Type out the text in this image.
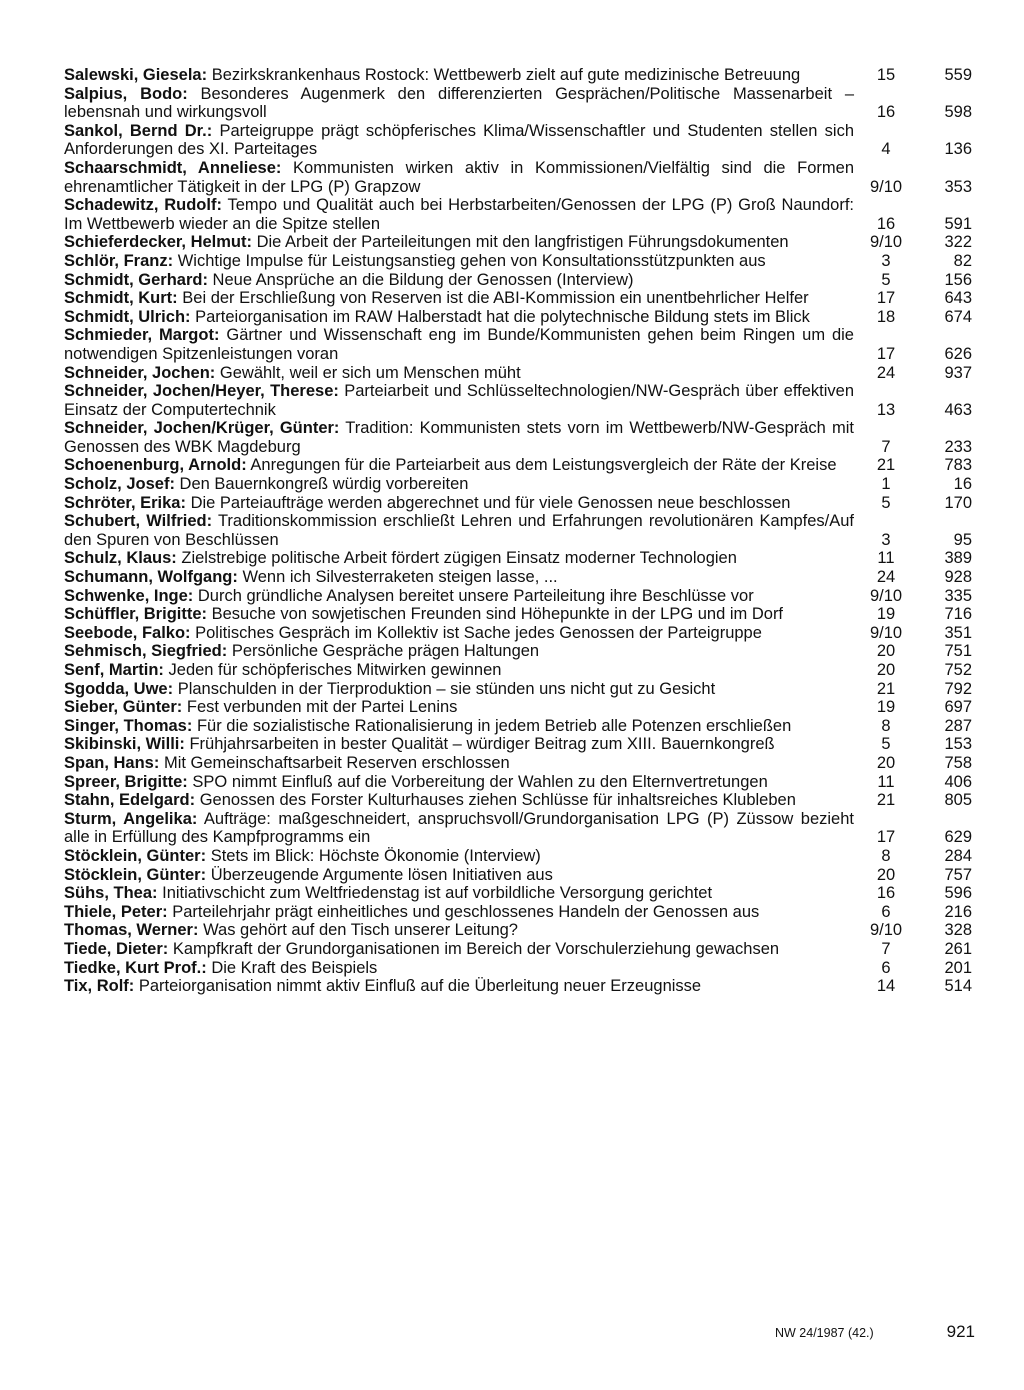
Salewski, Giesela: Bezirkskrankenhaus Rostock: Wettbewerb zielt auf gute medizinische Betreuung	15	559
Salpius, Bodo: Besonderes Augenmerk den differenzierten Gesprächen/Politische Massenarbeit – lebensnah und wirkungsvoll	16	598
Sankol, Bernd Dr.: Parteigruppe prägt schöpferisches Klima/Wissenschaftler und Studenten stellen sich Anforderungen des XI. Parteitages	4	136
Schaarschmidt, Anneliese: Kommunisten wirken aktiv in Kommissionen/Vielfältig sind die Formen ehrenamtlicher Tätigkeit in der LPG (P) Grapzow	9/10	353
Schadewitz, Rudolf: Tempo und Qualität auch bei Herbstarbeiten/Genossen der LPG (P) Groß Naundorf: Im Wettbewerb wieder an die Spitze stellen	16	591
Schieferdecker, Helmut: Die Arbeit der Parteileitungen mit den langfristigen Führungsdokumenten	9/10	322
Schlör, Franz: Wichtige Impulse für Leistungsanstieg gehen von Konsultationsstützpunkten aus	3	82
Schmidt, Gerhard: Neue Ansprüche an die Bildung der Genossen (Interview)	5	156
Schmidt, Kurt: Bei der Erschließung von Reserven ist die ABI-Kommission ein unentbehrlicher Helfer	17	643
Schmidt, Ulrich: Parteiorganisation im RAW Halberstadt hat die polytechnische Bildung stets im Blick	18	674
Schmieder, Margot: Gärtner und Wissenschaft eng im Bunde/Kommunisten gehen beim Ringen um die notwendigen Spitzenleistungen voran	17	626
Schneider, Jochen: Gewählt, weil er sich um Menschen müht	24	937
Schneider, Jochen/Heyer, Therese: Parteiarbeit und Schlüsseltechnologien/NW-Gespräch über effektiven Einsatz der Computertechnik	13	463
Schneider, Jochen/Krüger, Günter: Tradition: Kommunisten stets vorn im Wettbewerb/NW-Gespräch mit Genossen des WBK Magdeburg	7	233
Schoenenburg, Arnold: Anregungen für die Parteiarbeit aus dem Leistungsvergleich der Räte der Kreise	21	783
Scholz, Josef: Den Bauernkongreß würdig vorbereiten	1	16
Schröter, Erika: Die Parteiaufträge werden abgerechnet und für viele Genossen neue beschlossen	5	170
Schubert, Wilfried: Traditionskommission erschließt Lehren und Erfahrungen revolutionären Kampfes/Auf den Spuren von Beschlüssen	3	95
Schulz, Klaus: Zielstrebige politische Arbeit fördert zügigen Einsatz moderner Technologien	11	389
Schumann, Wolfgang: Wenn ich Silvesterraketen steigen lasse, ...	24	928
Schwenke, Inge: Durch gründliche Analysen bereitet unsere Parteileitung ihre Beschlüsse vor	9/10	335
Schüffler, Brigitte: Besuche von sowjetischen Freunden sind Höhepunkte in der LPG und im Dorf	19	716
Seebode, Falko: Politisches Gespräch im Kollektiv ist Sache jedes Genossen der Parteigruppe	9/10	351
Sehmisch, Siegfried: Persönliche Gespräche prägen Haltungen	20	751
Senf, Martin: Jeden für schöpferisches Mitwirken gewinnen	20	752
Sgodda, Uwe: Planschulden in der Tierproduktion – sie stünden uns nicht gut zu Gesicht	21	792
Sieber, Günter: Fest verbunden mit der Partei Lenins	19	697
Singer, Thomas: Für die sozialistische Rationalisierung in jedem Betrieb alle Potenzen erschließen	8	287
Skibinski, Willi: Frühjahrsarbeiten in bester Qualität – würdiger Beitrag zum XIII. Bauernkongreß	5	153
Span, Hans: Mit Gemeinschaftsarbeit Reserven erschlossen	20	758
Spreer, Brigitte: SPO nimmt Einfluß auf die Vorbereitung der Wahlen zu den Elternvertretungen	11	406
Stahn, Edelgard: Genossen des Forster Kulturhauses ziehen Schlüsse für inhaltsreiches Klubleben	21	805
Sturm, Angelika: Aufträge: maßgeschneidert, anspruchsvoll/Grundorganisation LPG (P) Züssow bezieht alle in Erfüllung des Kampfprogramms ein	17	629
Stöcklein, Günter: Stets im Blick: Höchste Ökonomie (Interview)	8	284
Stöcklein, Günter: Überzeugende Argumente lösen Initiativen aus	20	757
Sühs, Thea: Initiativschicht zum Weltfriedenstag ist auf vorbildliche Versorgung gerichtet	16	596
Thiele, Peter: Parteilehrjahr prägt einheitliches und geschlossenes Handeln der Genossen aus	6	216
Thomas, Werner: Was gehört auf den Tisch unserer Leitung?	9/10	328
Tiede, Dieter: Kampfkraft der Grundorganisationen im Bereich der Vorschulerziehung gewachsen	7	261
Tiedke, Kurt Prof.: Die Kraft des Beispiels	6	201
Tix, Rolf: Parteiorganisation nimmt aktiv Einfluß auf die Überleitung neuer Erzeugnisse	14	514
NW 24/1987 (42.)	921
